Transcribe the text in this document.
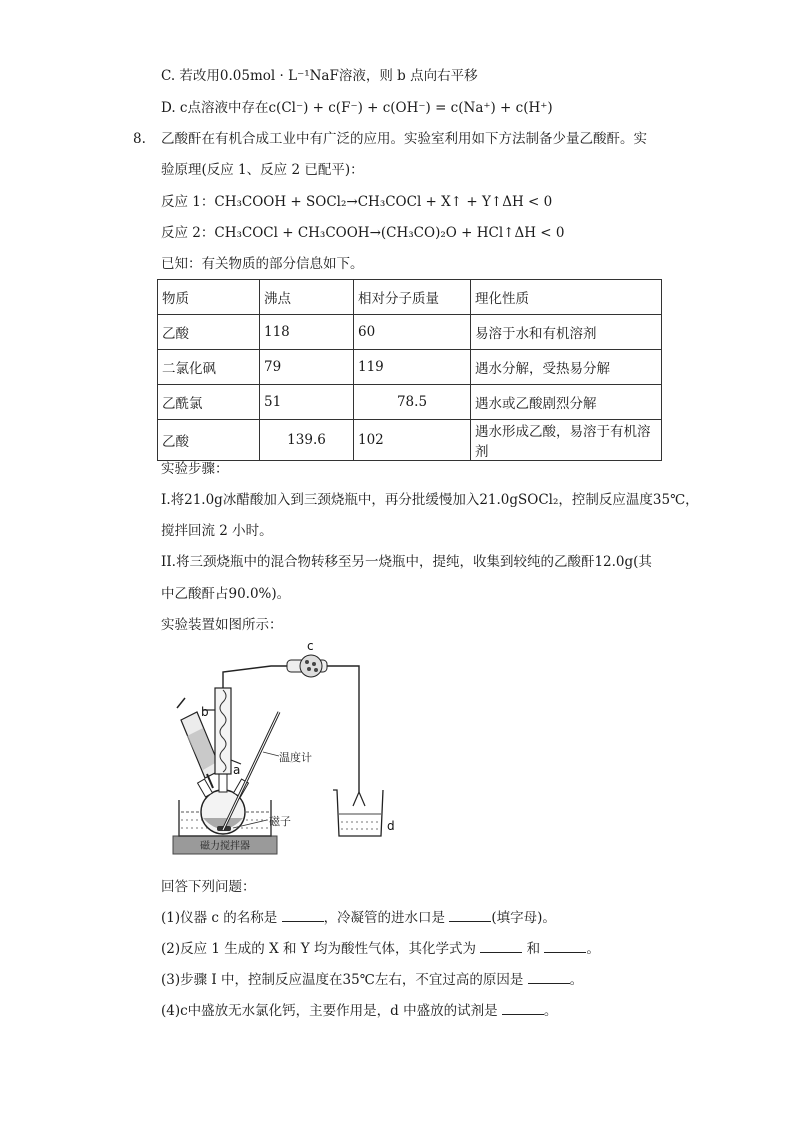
C. 若改用0.05mol · L⁻¹NaF溶液，则 b 点向右平移
D. c点溶液中存在c(Cl⁻) + c(F⁻) + c(OH⁻) = c(Na⁺) + c(H⁺)
8. 乙酸酐在有机合成工业中有广泛的应用。实验室利用如下方法制备少量乙酸酐。实
验原理(反应 1、反应 2 已配平)：
反应 1：CH₃COOH + SOCl₂→CH₃COCl + X↑ + Y↑ΔH < 0
反应 2：CH₃COCl + CH₃COOH→(CH₃CO)₂O + HCl↑ΔH < 0
已知：有关物质的部分信息如下。
物质	沸点	相对分子质量	理化性质
乙酸	118	60	易溶于水和有机溶剂
二氯化砜	79	119	遇水分解，受热易分解
乙酰氯	51	78.5	遇水或乙酸剧烈分解
乙酸	139.6	102	遇水形成乙酸，易溶于有机溶剂
实验步骤：
I.将21.0g冰醋酸加入到三颈烧瓶中，再分批缓慢加入21.0gSOCl₂，控制反应温度35℃，
搅拌回流 2 小时。
II.将三颈烧瓶中的混合物转移至另一烧瓶中，提纯，收集到较纯的乙酸酐12.0g(其
中乙酸酐占90.0%)。
实验装置如图所示：
磁力搅拌器
磁子
b
a
温度计
c
d
回答下列问题：
(1)仪器 c 的名称是	，冷凝管的进水口是	(填字母)。
(2)反应 1 生成的 X 和 Y 均为酸性气体，其化学式为	和	。
(3)步骤 I 中，控制反应温度在35℃左右，不宜过高的原因是	。
(4)c中盛放无水氯化钙，主要作用是，d 中盛放的试剂是	。
